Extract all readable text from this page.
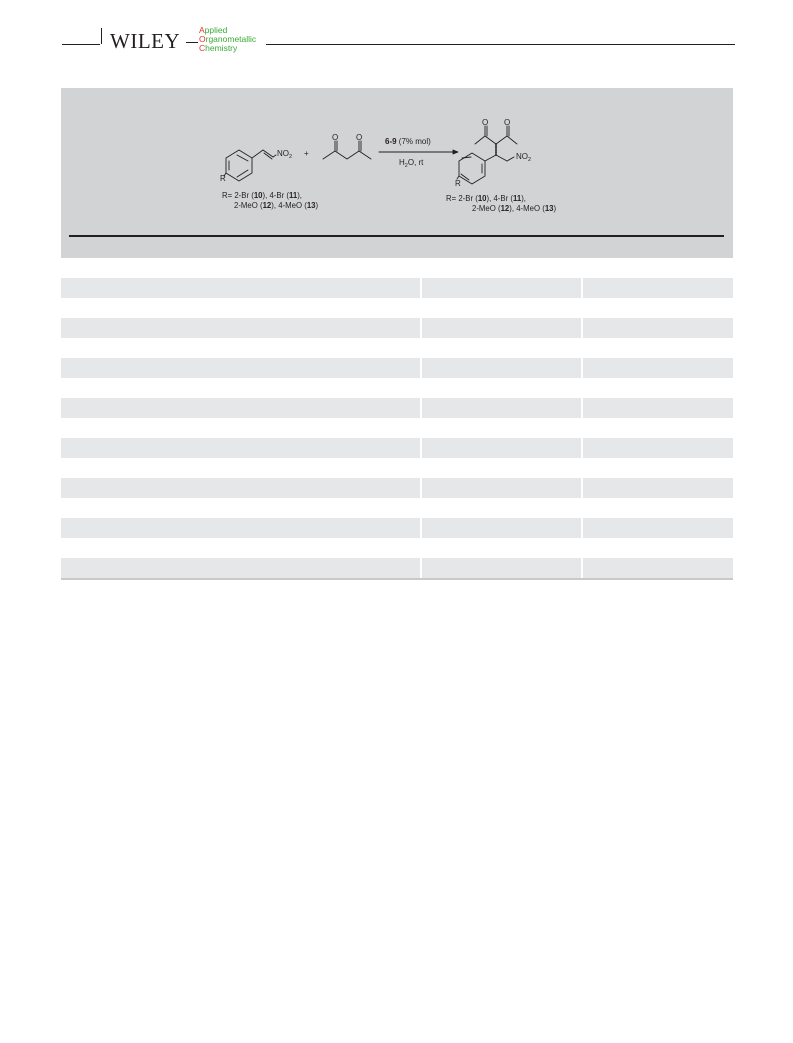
WILEY Applied
Organometallic
Chemistry
$NO_2$
R
+
O O	6-9 (7% mol)
$H_2O$, rt
O O
$NO_2$
R
R= 2-Br (10), 4-Br (11),
2-MeO (12), 4-MeO (13)
R= 2-Br (10), 4-Br (11),
2-MeO (12), 4-MeO (13)
